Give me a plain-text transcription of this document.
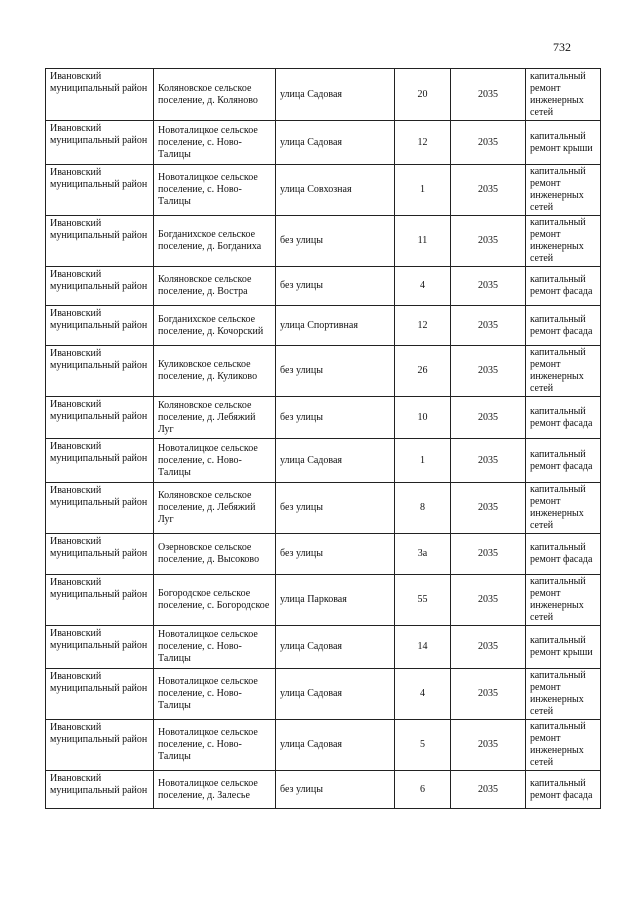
732
Ивановский муниципальный район	Коляновское сельское поселение, д. Коляново	улица Садовая	20	2035	капитальный ремонт инженерных сетей
Ивановский муниципальный район	Новоталицкое сельское поселение, с. Ново-Талицы	улица Садовая	12	2035	капитальный ремонт крыши
Ивановский муниципальный район	Новоталицкое сельское поселение, с. Ново-Талицы	улица Совхозная	1	2035	капитальный ремонт инженерных сетей
Ивановский муниципальный район	Богданихское сельское поселение, д. Богданиха	без улицы	11	2035	капитальный ремонт инженерных сетей
Ивановский муниципальный район	Коляновское сельское поселение, д. Востра	без улицы	4	2035	капитальный ремонт фасада
Ивановский муниципальный район	Богданихское сельское поселение, д. Кочорский	улица Спортивная	12	2035	капитальный ремонт фасада
Ивановский муниципальный район	Куликовское сельское поселение, д. Куликово	без улицы	26	2035	капитальный ремонт инженерных сетей
Ивановский муниципальный район	Коляновское сельское поселение, д. Лебяжий Луг	без улицы	10	2035	капитальный ремонт фасада
Ивановский муниципальный район	Новоталицкое сельское поселение, с. Ново-Талицы	улица Садовая	1	2035	капитальный ремонт фасада
Ивановский муниципальный район	Коляновское сельское поселение, д. Лебяжий Луг	без улицы	8	2035	капитальный ремонт инженерных сетей
Ивановский муниципальный район	Озерновское сельское поселение, д. Высоково	без улицы	3а	2035	капитальный ремонт фасада
Ивановский муниципальный район	Богородское сельское поселение, с. Богородское	улица Парковая	55	2035	капитальный ремонт инженерных сетей
Ивановский муниципальный район	Новоталицкое сельское поселение, с. Ново-Талицы	улица Садовая	14	2035	капитальный ремонт крыши
Ивановский муниципальный район	Новоталицкое сельское поселение, с. Ново-Талицы	улица Садовая	4	2035	капитальный ремонт инженерных сетей
Ивановский муниципальный район	Новоталицкое сельское поселение, с. Ново-Талицы	улица Садовая	5	2035	капитальный ремонт инженерных сетей
Ивановский муниципальный район	Новоталицкое сельское поселение, д. Залесье	без улицы	6	2035	капитальный ремонт фасада
